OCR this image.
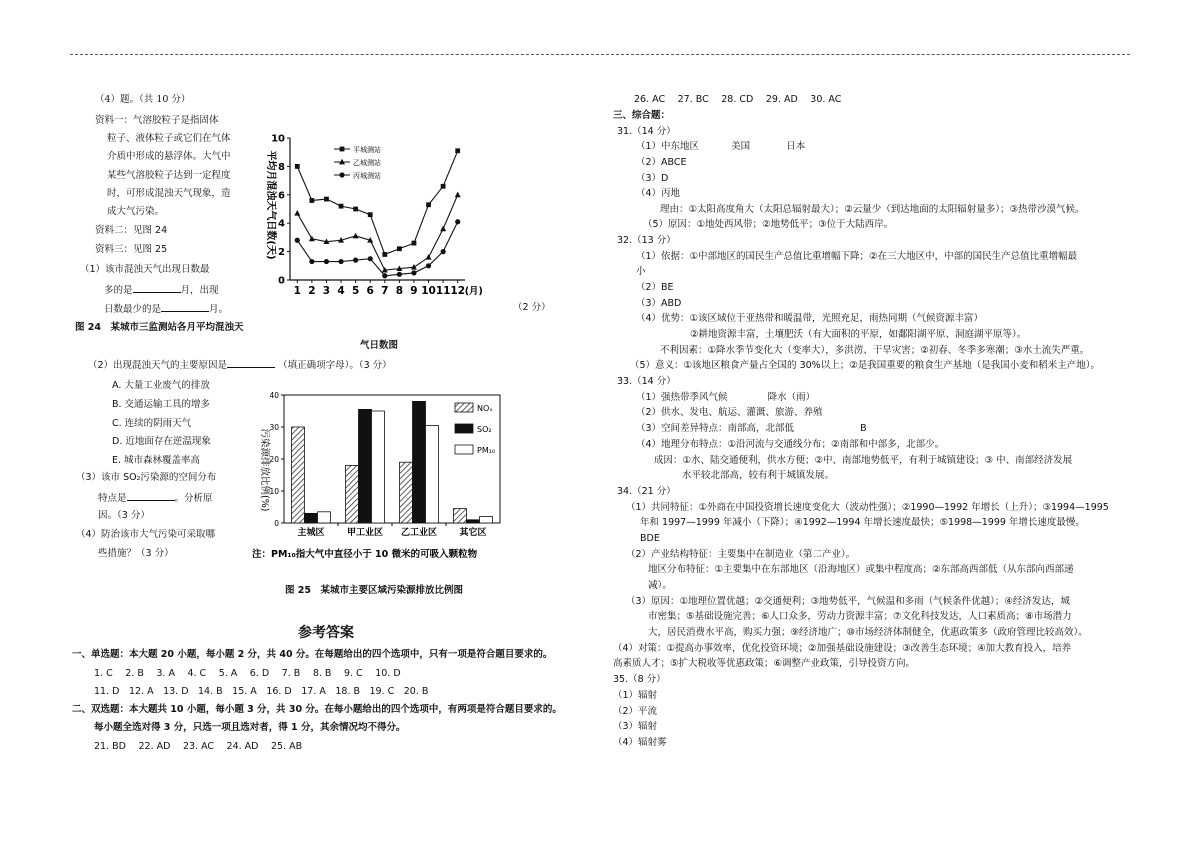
（4）题。（共 10 分）
资料一：气溶胶粒子是指固体
粒子、液体粒子或它们在气体
介质中形成的悬浮体。大气中
某些气溶胶粒子达到一定程度
时，可形成混浊天气现象，造
成大气污染。
资料二：见图 24
资料三：见图 25
（1）该市混浊天气出现日数最
多的是	月，出现
日数最少的是	月。	（2 分）
图 24　某城市三监测站各月平均混浊天
气日数图
0
2
4
6
8
10
1 2 3 4 5 6 7 8 9 10 11 12 (月)
平城测站
乙城测站
丙城测站
平均月混浊天气日数(天)
（2）出现混浊天气的主要原因是	（填正确项字母）。（3 分）
A. 大量工业废气的排放
B. 交通运输工具的增多
C. 连续的阴雨天气
D. 近地面存在逆温现象
E. 城市森林覆盖率高
（3）该市 SO₂污染源的空间分布
特点是	。分析原
因。（3 分）
（4）防治该市大气污染可采取哪
些措施？（3 分）
0
10
20
30
40
主城区 甲工业区 乙工业区 其它区
NOₓ
SO₂
PM₁₀
污染源排放比例(%)
注：PM₁₀指大气中直径小于 10 微米的可吸入颗粒物
图 25　某城市主要区域污染源排放比例图
参考答案
一、单选题：本大题 20 小题，每小题 2 分，共 40 分。在每题给出的四个选项中，只有一项是符合题目要求的。
1. C　 2. B　 3. A　 4. C　 5. A　 6. D　 7. B　 8. B　 9. C　 10. D
11. D　12. A　13. D　14. B　15. A　16. D　17. A　18. B　19. C　20. B
二、双选题：本大题共 10 小题，每小题 3 分，共 30 分。在每小题给出的四个选项中，有两项是符合题目要求的。
每小题全选对得 3 分，只选一项且选对者，得 1 分，其余情况均不得分。
21. BD　 22. AD　 23. AC　 24. AD　 25. AB
26. AC　 27. BC　 28. CD　 29. AD　 30. AC
三、综合题：
31.（14 分）
（1）中东地区	美国	日本
（2）ABCE
（3）D
（4）丙地
理由：①太阳高度角大（太阳总辐射最大）；②云量少（到达地面的太阳辐射量多）；③热带沙漠气候。
（5）原因：①地处西风带；②地势低平；③位于大陆西岸。
32.（13 分）
（1）依据：①中部地区的国民生产总值比重增幅下降；②在三大地区中，中部的国民生产总值比重增幅最
小
（2）BE
（3）ABD
（4）优势：①该区域位于亚热带和暖温带，光照充足，雨热同期（气候资源丰富）
②耕地资源丰富，土壤肥沃（有大面积的平原，如鄱阳湖平原、洞庭湖平原等）。
不利因素：①降水季节变化大（变率大），多洪涝、干旱灾害；②初春、冬季多寒潮；③水土流失严重。
（5）意义：①该地区粮食产量占全国的 30%以上；②是我国重要的粮食生产基地（是我国小麦和稻米主产地）。
33.（14 分）
（1）强热带季风气候	降水（雨）
（2）供水、发电、航运、灌溉、旅游、养殖
（3）空间差异特点：南部高，北部低	B
（4）地理分布特点：①沿河流与交通线分布；②南部和中部多，北部少。
成因：①水、陆交通便利，供水方便；②中、南部地势低平，有利于城镇建设；③ 中、南部经济发展
水平较北部高，较有利于城镇发展。
34.（21 分）
（1）共同特征：①外商在中国投资增长速度变化大（波动性强）；②1990—1992 年增长（上升）；③1994—1995
年和 1997—1999 年减小（下降）；④1992—1994 年增长速度最快；⑤1998—1999 年增长速度最慢。
BDE
（2）产业结构特征：主要集中在制造业（第二产业）。
地区分布特征：①主要集中在东部地区（沿海地区）或集中程度高；②东部高西部低（从东部向西部递
减）。
（3）原因：①地理位置优越；②交通便利；③地势低平，气候温和多雨（气候条件优越）；④经济发达，城
市密集；⑤基础设施完善；⑥人口众多，劳动力资源丰富；⑦文化科技发达，人口素质高；⑧市场潜力
大，居民消费水平高，购买力强；⑨经济地广；⑩市场经济体制健全，优惠政策多（政府管理比较高效）。
（4）对策：①提高办事效率，优化投资环境；②加强基础设施建设；③改善生态环境；④加大教育投入，培养
高素质人才；⑤扩大税收等优惠政策；⑥调整产业政策，引导投资方向。
35.（8 分）
（1）辐射
（2）平流
（3）辐射
（4）辐射雾
